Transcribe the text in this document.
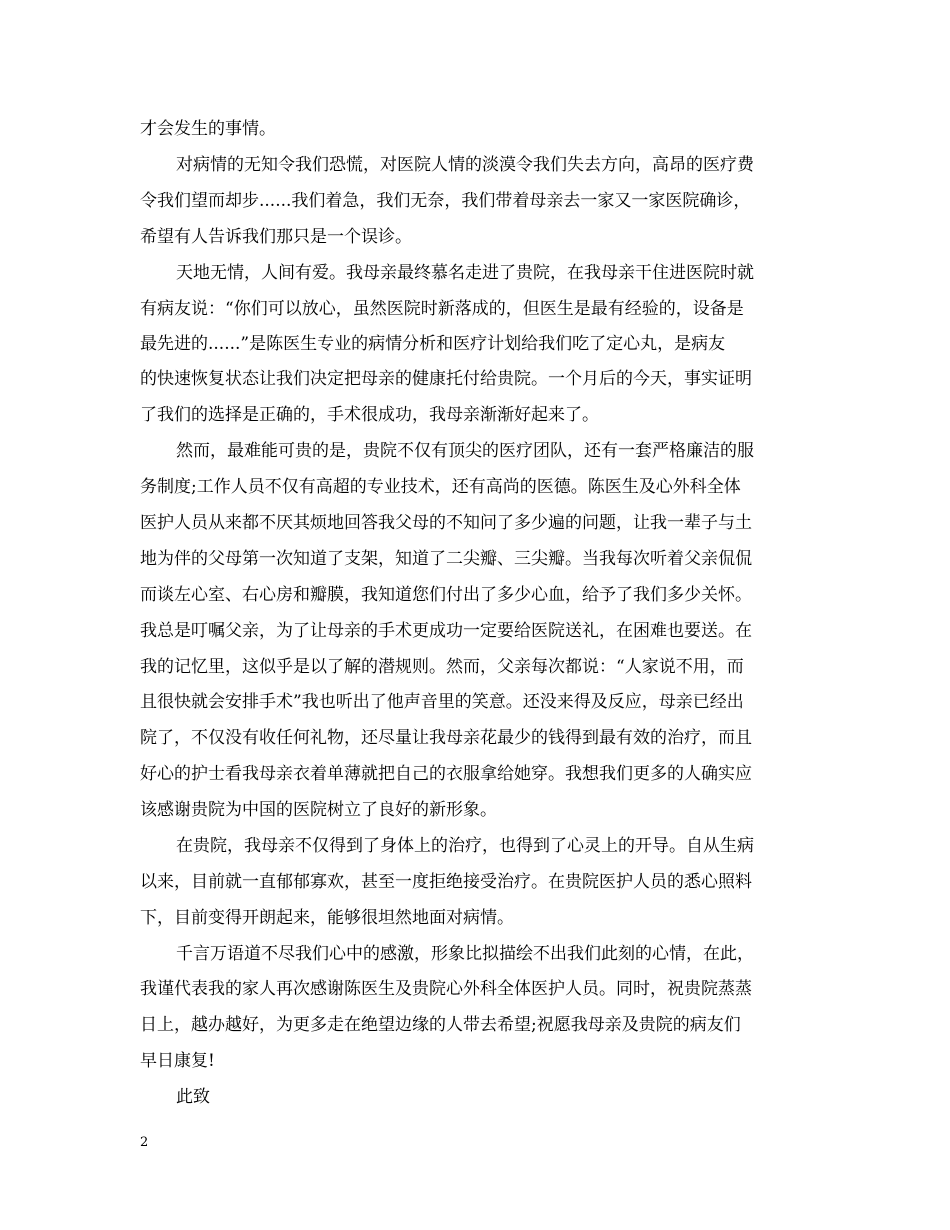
才会发生的事情。
对病情的无知令我们恐慌，对医院人情的淡漠令我们失去方向，高昂的医疗费
令我们望而却步......我们着急，我们无奈，我们带着母亲去一家又一家医院确诊，
希望有人告诉我们那只是一个误诊。
天地无情，人间有爱。我母亲最终慕名走进了贵院，在我母亲干住进医院时就
有病友说：“你们可以放心，虽然医院时新落成的，但医生是最有经验的，设备是
最先进的......”是陈医生专业的病情分析和医疗计划给我们吃了定心丸，是病友
的快速恢复状态让我们决定把母亲的健康托付给贵院。一个月后的今天，事实证明
了我们的选择是正确的，手术很成功，我母亲渐渐好起来了。
然而，最难能可贵的是，贵院不仅有顶尖的医疗团队，还有一套严格廉洁的服
务制度;工作人员不仅有高超的专业技术，还有高尚的医德。陈医生及心外科全体
医护人员从来都不厌其烦地回答我父母的不知问了多少遍的问题，让我一辈子与土
地为伴的父母第一次知道了支架，知道了二尖瓣、三尖瓣。当我每次听着父亲侃侃
而谈左心室、右心房和瓣膜，我知道您们付出了多少心血，给予了我们多少关怀。
我总是叮嘱父亲，为了让母亲的手术更成功一定要给医院送礼，在困难也要送。在
我的记忆里，这似乎是以了解的潜规则。然而，父亲每次都说：“人家说不用，而
且很快就会安排手术”我也听出了他声音里的笑意。还没来得及反应，母亲已经出
院了，不仅没有收任何礼物，还尽量让我母亲花最少的钱得到最有效的治疗，而且
好心的护士看我母亲衣着单薄就把自己的衣服拿给她穿。我想我们更多的人确实应
该感谢贵院为中国的医院树立了良好的新形象。
在贵院，我母亲不仅得到了身体上的治疗，也得到了心灵上的开导。自从生病
以来，目前就一直郁郁寡欢，甚至一度拒绝接受治疗。在贵院医护人员的悉心照料
下，目前变得开朗起来，能够很坦然地面对病情。
千言万语道不尽我们心中的感激，形象比拟描绘不出我们此刻的心情，在此，
我谨代表我的家人再次感谢陈医生及贵院心外科全体医护人员。同时，祝贵院蒸蒸
日上，越办越好，为更多走在绝望边缘的人带去希望;祝愿我母亲及贵院的病友们
早日康复!
此致
2
